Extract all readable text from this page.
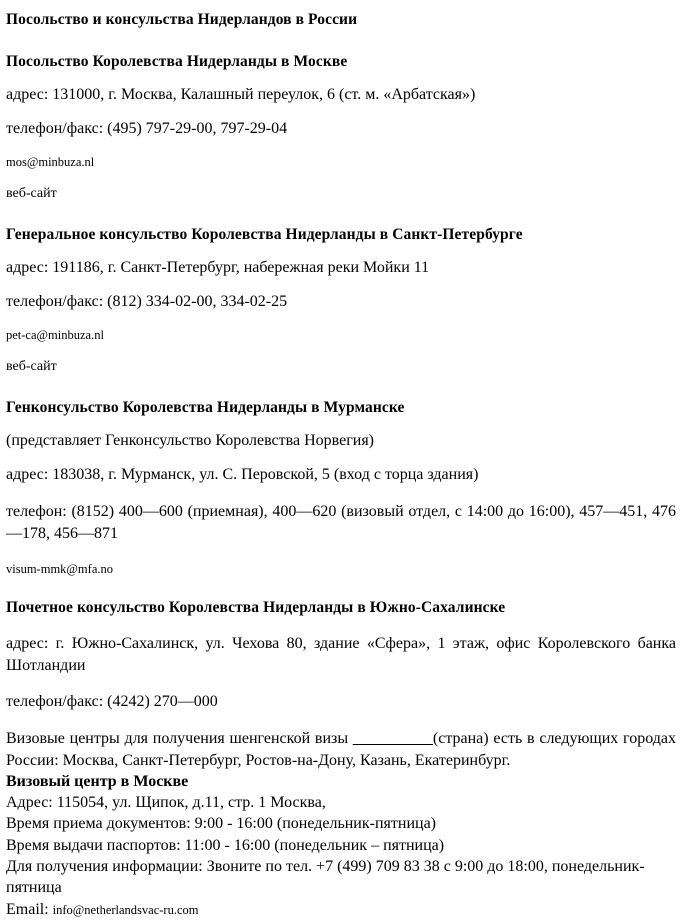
Посольство и консульства Нидерландов в России
Посольство Королевства Нидерланды в Москве

адрес: 131000, г. Москва, Калашный переулок, 6 (ст. м. «Арбатская»)

телефон/факс: (495) 797-29-00, 797-29-04

mos@minbuza.nl

веб-сайт

Генеральное консульство Королевства Нидерланды в Санкт-Петербурге

адрес: 191186, г. Санкт-Петербург, набережная реки Мойки 11

телефон/факс: (812) 334-02-00, 334-02-25

pet-ca@minbuza.nl

веб-сайт

Генконсульство Королевства Нидерланды в Мурманске

(представляет Генконсульство Королевства Норвегия)

адрес: 183038, г. Мурманск, ул. С. Перовской, 5 (вход с торца здания)

телефон: (8152) 400—600 (приемная), 400—620 (визовый отдел, с 14:00 до 16:00), 457—451, 476—178, 456—871

visum-mmk@mfa.no

Почетное консульство Королевства Нидерланды в Южно-Сахалинске

адрес: г. Южно-Сахалинск, ул. Чехова 80, здание «Сфера», 1 этаж, офис Королевского банка Шотландии

телефон/факс: (4242) 270—000

Визовые центры для получения шенгенской визы __________(страна) есть в следующих городах России: Москва, Санкт-Петербург, Ростов-на-Дону, Казань, Екатеринбург.

Визовый центр в Москве
Адрес: 115054, ул. Щипок, д.11, стр. 1 Москва,
Время приема документов: 9:00 - 16:00 (понедельник-пятница)
Время выдачи паспортов: 11:00 - 16:00 (понедельник – пятница)
Для получения информации: Звоните по тел. +7 (499) 709 83 38 с 9:00 до 18:00, понедельник-пятница
Email: info@netherlandsvac-ru.com
